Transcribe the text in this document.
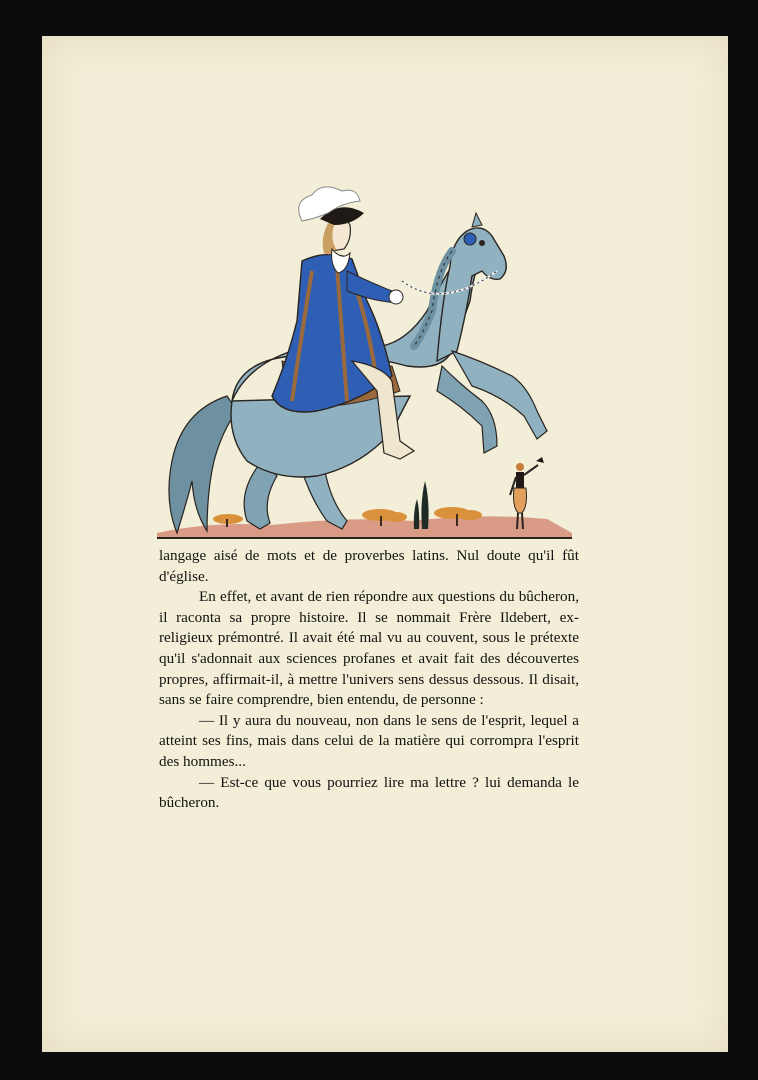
langage aisé de mots et de proverbes latins. Nul doute qu'il fût d'église.

En effet, et avant de rien répondre aux questions du bûcheron, il raconta sa propre histoire. Il se nommait Frère Ildebert, ex-religieux prémontré. Il avait été mal vu au couvent, sous le prétexte qu'il s'adonnait aux sciences profanes et avait fait des découvertes propres, affirmait-il, à mettre l'univers sens dessus dessous. Il disait, sans se faire comprendre, bien entendu, de personne :

— Il y aura du nouveau, non dans le sens de l'esprit, lequel a atteint ses fins, mais dans celui de la matière qui corrompra l'esprit des hommes...

— Est-ce que vous pourriez lire ma lettre ? lui demanda le bûcheron.
